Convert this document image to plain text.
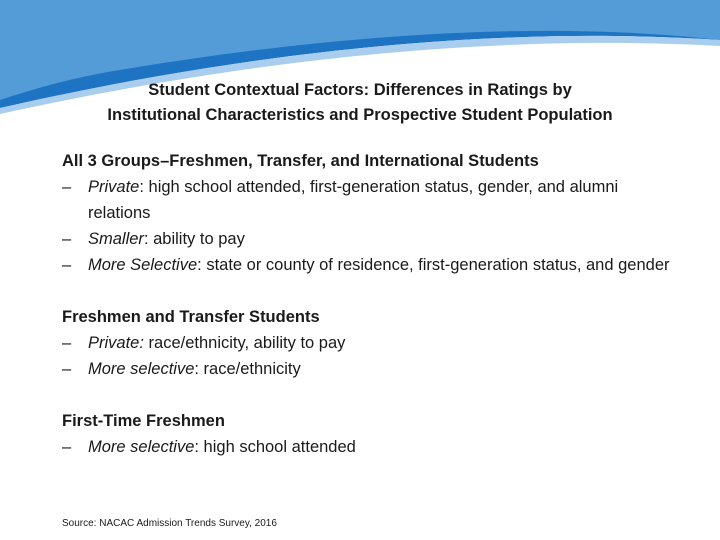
Student Contextual Factors: Differences in Ratings by
Institutional Characteristics and Prospective Student Population
All 3 Groups–Freshmen, Transfer, and International Students
– Private: high school attended, first-generation status, gender, and alumni relations
– Smaller: ability to pay
– More Selective: state or county of residence, first-generation status, and gender
Freshmen and Transfer Students
– Private: race/ethnicity, ability to pay
– More selective: race/ethnicity
First-Time Freshmen
– More selective: high school attended
Source: NACAC Admission Trends Survey, 2016
